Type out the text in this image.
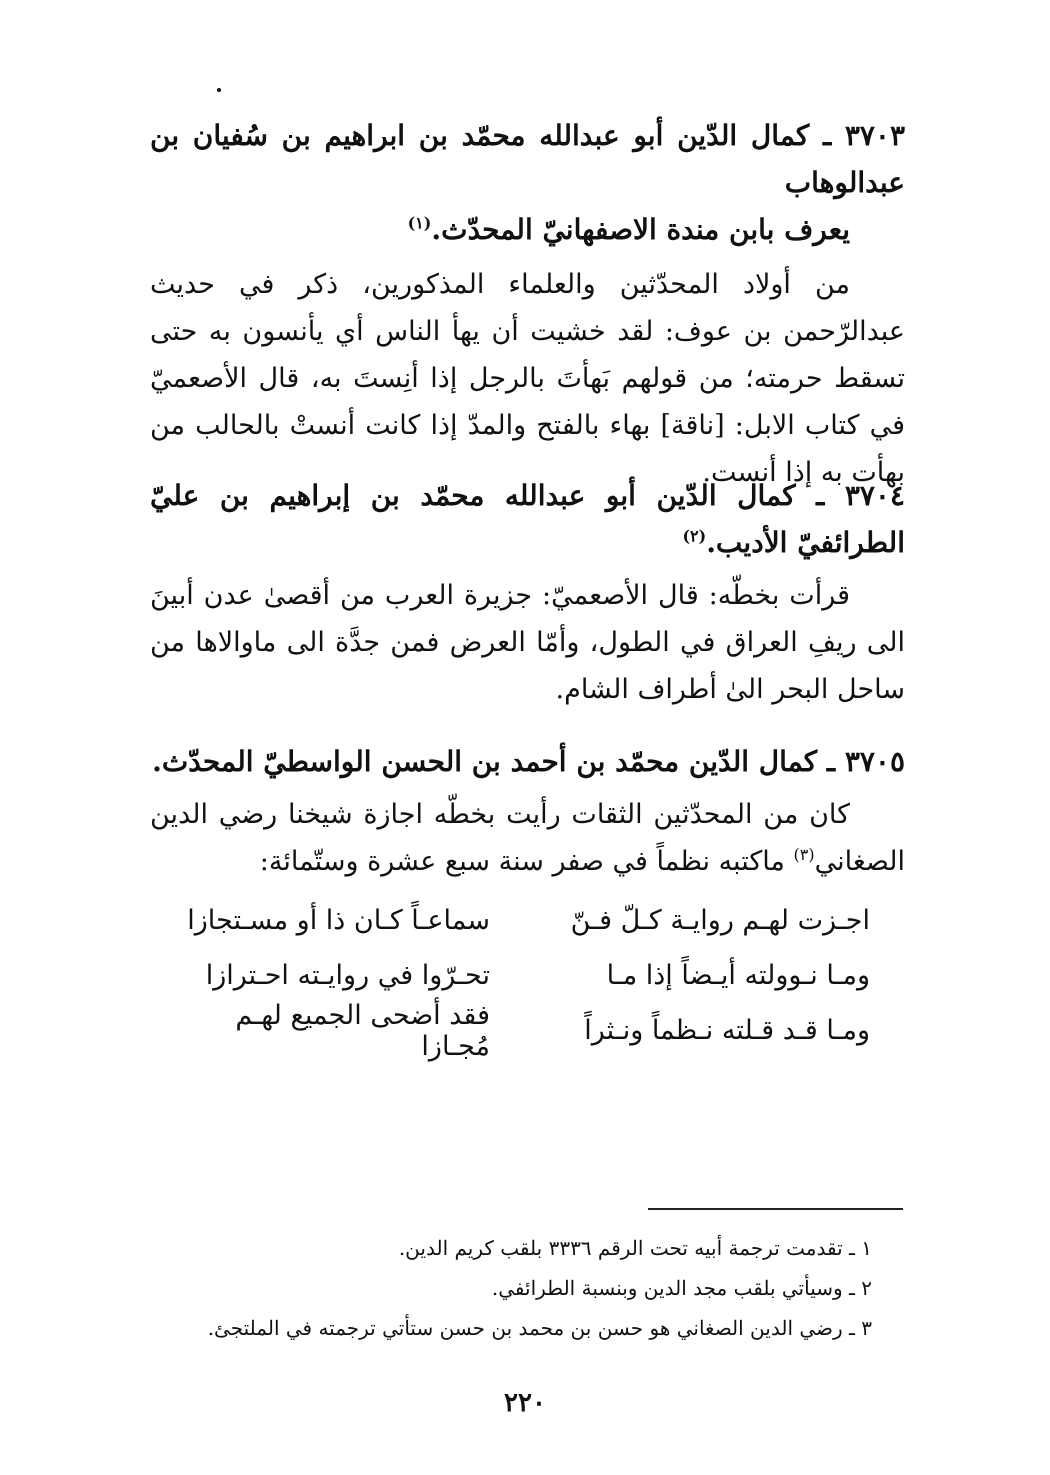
٣٧٠٣ ـ كمال الدّين أبو عبدالله محمّد بن ابراهيم بن سُفيان بن عبدالوهاب
يعرف بابن مندة الاصفهانيّ المحدّث.$^{(١)}$

من أولاد المحدّثين والعلماء المذكورين، ذكر في حديث عبدالرّحمن بن عوف: لقد خشيت أن يهأ الناس أي يأنسون به حتى تسقط حرمته؛ من قولهم بَهأتَ بالرجل إذا أنِستَ به، قال الأصعميّ في كتاب الابل: [ناقة] بهاء بالفتح والمدّ إذا كانت أنستْ بالحالب من بهأت به إذا أنست.

٣٧٠٤ ـ كمال الدّين أبو عبدالله محمّد بن إبراهيم بن عليّ الطرائفيّ الأديب.$^{(٢)}$

قرأت بخطّه: قال الأصعميّ: جزيرة العرب من أقصىٰ عدن أبينَ الى ريفِ العراق في الطول، وأمّا العرض فمن جدَّة الى ماوالاها من ساحل البحر الىٰ أطراف الشام.

٣٧٠٥ ـ كمال الدّين محمّد بن أحمد بن الحسن الواسطيّ المحدّث.

كان من المحدّثين الثقات رأيت بخطّه اجازة شيخنا رضي الدين الصغاني$^{(٣)}$ ماكتبه نظماً في صفر سنة سبع عشرة وستّمائة:

اجـزت لهـم روايـة كـلّ فـنّ
سماعـاً كـان ذا أو مسـتجازا
ومـا نـوولته أيـضاً إذا مـا
تحـرّوا في روايـته احـترازا
ومـا قـد قـلته نـظماً ونـثراً
فقد أضحى الجميع لهـم مُجـازا
١ ـ تقدمت ترجمة أبيه تحت الرقم ٣٣٣٦ بلقب كريم الدين.
٢ ـ وسيأتي بلقب مجد الدين وبنسبة الطرائفي.
٣ ـ رضي الدين الصغاني هو حسن بن محمد بن حسن ستأتي ترجمته في الملتجئ.
٢٢٠
